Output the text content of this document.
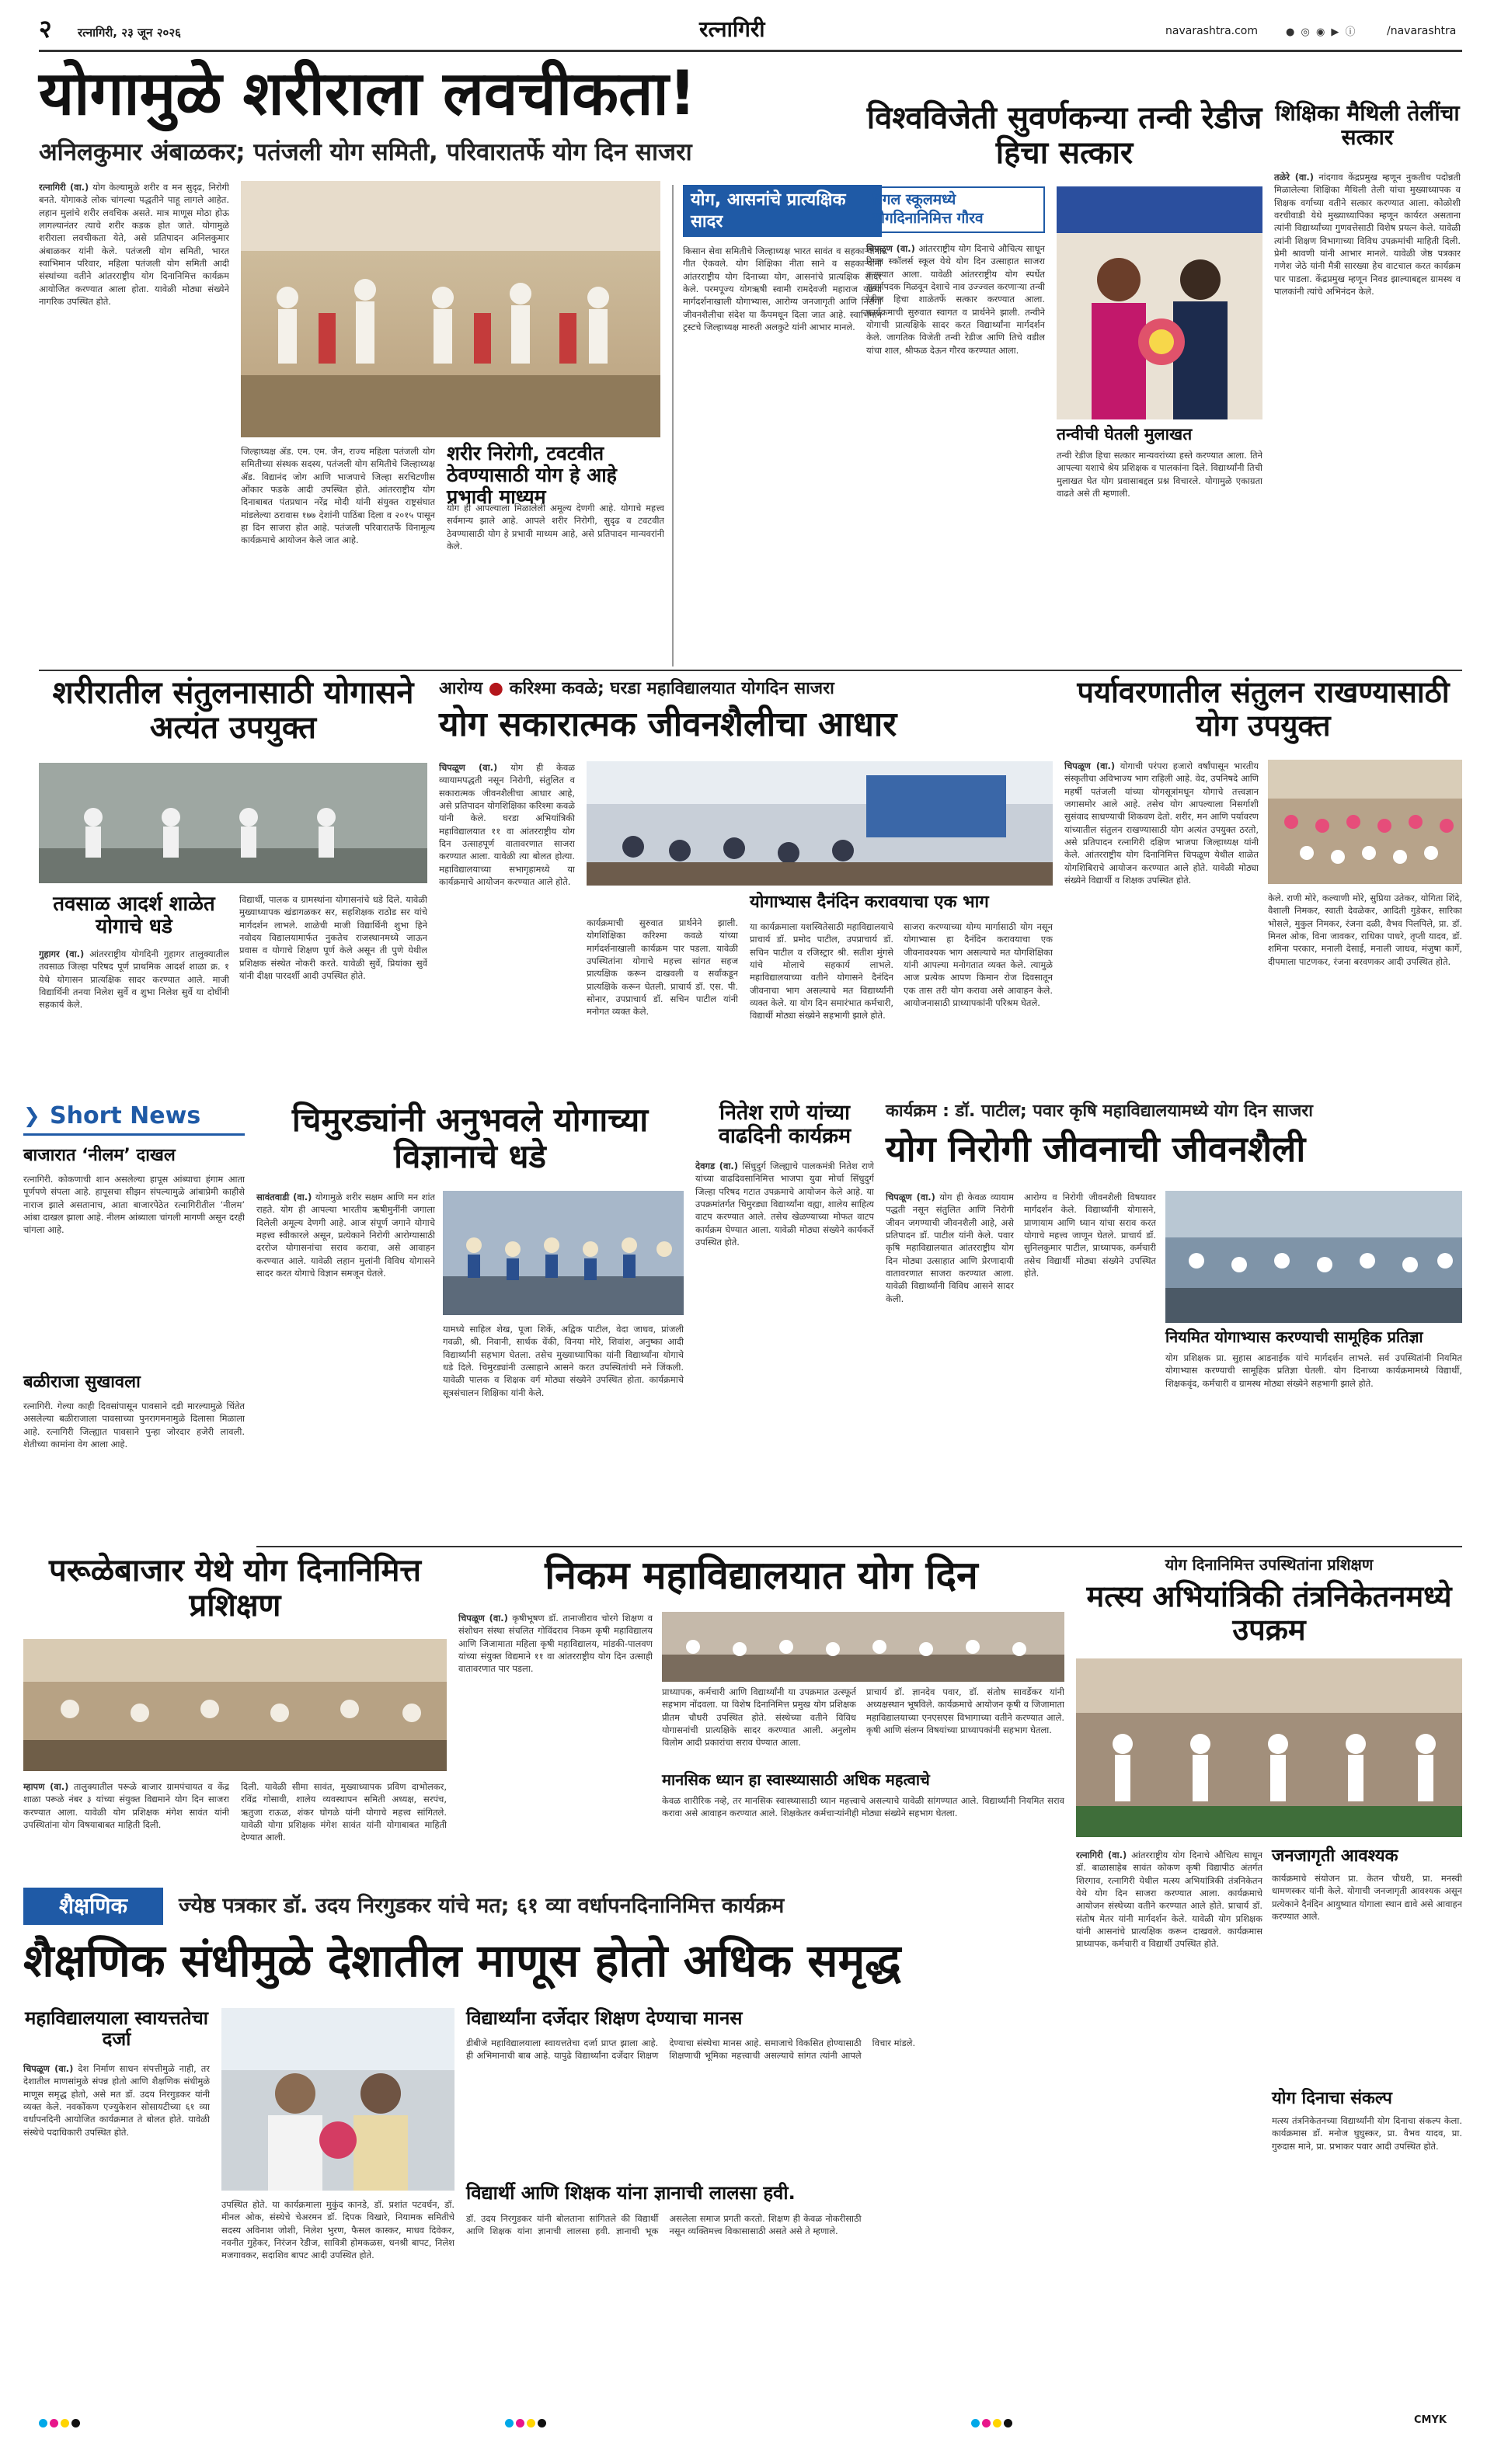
२ रत्नागिरी, २३ जून २०२६	रत्नागिरी	navarashtra.com	● ◎ ◉ ▶ ⓘ	/navarashtra
योगामुळे शरीराला लवचीकता!
अनिलकुमार अंबाळकर; पतंजली योग समिती, परिवारातर्फे योग दिन साजरा
रत्नागिरी (वा.) योग केल्यामुळे शरीर व मन सुदृढ, निरोगी बनते. योगाकडे लोक चांगल्या पद्धतीने पाहू लागले आहेत. लहान मुलांचे शरीर लवचिक असते. मात्र माणूस मोठा होऊ लागल्यानंतर त्याचे शरीर कडक होत जाते. योगामुळे शरीराला लवचीकता येते, असे प्रतिपादन अनिलकुमार अंबाळकर यांनी केले. पतंजली योग समिती, भारत स्वाभिमान परिवार, महिला पतंजली योग समिती आदी संस्थांच्या वतीने आंतरराष्ट्रीय योग दिनानिमित्त कार्यक्रम आयोजित करण्यात आला होता. यावेळी मोठ्या संख्येने नागरिक उपस्थित होते.
जिल्हाध्यक्ष ॲड. एम. एम. जैन, राज्य महिला पतंजली योग समितीच्या संस्थक सदस्य, पतंजली योग समितीचे जिल्हाध्यक्ष ॲड. विद्यानंद जोग आणि भाजपाचे जिल्हा सरचिटणीस ओंकार फडके आदी उपस्थित होते. आंतरराष्ट्रीय योग दिनाबाबत पंतप्रधान नरेंद्र मोदी यांनी संयुक्त राष्ट्रसंघात मांडलेल्या ठरावास १७७ देशांनी पाठिंबा दिला व २०१५ पासून हा दिन साजरा होत आहे. पतंजली परिवारातर्फे विनामूल्य कार्यक्रमाचे आयोजन केले जात आहे.
शरीर निरोगी, टवटवीत ठेवण्यासाठी योग हे आहे प्रभावी माध्यम
योग ही आपल्याला मिळालेली अमूल्य देणगी आहे. योगाचे महत्त्व सर्वमान्य झाले आहे. आपले शरीर निरोगी, सुदृढ व टवटवीत ठेवण्यासाठी योग हे प्रभावी माध्यम आहे, असे प्रतिपादन मान्यवरांनी केले.
योग, आसनांचे प्रात्यक्षिक सादर
किसान सेवा समितीचे जिल्हाध्यक्ष भारत सावंत व सहकाऱ्यांनी गीत ऐकवले. योग शिक्षिका नीता साने व सहकाऱ्यांनी आंतरराष्ट्रीय योग दिनाच्या योग, आसनांचे प्रात्यक्षिक सादर केले. परमपूज्य योगऋषी स्वामी रामदेवजी महाराज यांच्या मार्गदर्शनाखाली योगाभ्यास, आरोग्य जनजागृती आणि निरोगी जीवनशैलीचा संदेश या कैंपमधून दिला जात आहे. स्वाभिमान ट्रस्टचे जिल्हाध्यक्ष मारुती अलकुटे यांनी आभार मानले.
विश्वविजेती सुवर्णकन्या तन्वी रेडीज हिचा सत्कार
रिगल स्कूलमध्ये योगदिनानिमित्त गौरव
चिपळूण (वा.) आंतरराष्ट्रीय योग दिनाचे औचित्य साधून रिगल स्कॉलर्स स्कूल येथे योग दिन उत्साहात साजरा करण्यात आला. यावेळी आंतरराष्ट्रीय योग स्पर्धेत सुवर्णपदक मिळवून देशाचे नाव उज्ज्वल करणाऱ्या तन्वी रेडीज हिचा शाळेतर्फे सत्कार करण्यात आला. कार्यक्रमाची सुरुवात स्वागत व प्रार्थनेने झाली. तन्वीने योगाची प्रात्यक्षिके सादर करत विद्यार्थ्यांना मार्गदर्शन केले. जागतिक विजेती तन्वी रेडीज आणि तिचे वडील यांचा शाल, श्रीफळ देऊन गौरव करण्यात आला.
तन्वीची घेतली मुलाखत
तन्वी रेडीज हिचा सत्कार मान्यवरांच्या हस्ते करण्यात आला. तिने आपल्या यशाचे श्रेय प्रशिक्षक व पालकांना दिले. विद्यार्थ्यांनी तिची मुलाखत घेत योग प्रवासाबद्दल प्रश्न विचारले. योगामुळे एकाग्रता वाढते असे ती म्हणाली.
शिक्षिका मैथिली तेलींचा सत्कार
तळेरे (वा.) नांदगाव केंद्रप्रमुख म्हणून नुकतीच पदोन्नती मिळालेल्या शिक्षिका मैथिली तेली यांचा मुख्याध्यापक व शिक्षक वर्गाच्या वतीने सत्कार करण्यात आला. कोळोशी वरचीवाडी येथे मुख्याध्यापिका म्हणून कार्यरत असताना त्यांनी विद्यार्थ्यांच्या गुणवत्तेसाठी विशेष प्रयत्न केले. यावेळी त्यांनी शिक्षण विभागाच्या विविध उपक्रमांची माहिती दिली. प्रेमी श्रावणी यांनी आभार मानले. यावेळी जेष्ठ पत्रकार गणेश जेठे यांनी मैत्री सारख्या हेच वाटचाल करत कार्यक्रम पार पाडला. केंद्रप्रमुख म्हणून निवड झाल्याबद्दल ग्रामस्थ व पालकांनी त्यांचे अभिनंदन केले.
शरीरातील संतुलनासाठी योगासने अत्यंत उपयुक्त
तवसाळ आदर्श शाळेत योगाचे धडे
गुहागर (वा.) आंतरराष्ट्रीय योगदिनी गुहागर तालुक्यातील तवसाळ जिल्हा परिषद पूर्ण प्राथमिक आदर्श शाळा क्र. १ येथे योगासन प्रात्यक्षिक सादर करण्यात आले. माजी विद्यार्थिनी तनया निलेश सुर्वे व शुभा निलेश सुर्वे या दोघींनी सहकार्य केले.
विद्यार्थी, पालक व ग्रामस्थांना योगासनांचे धडे दिले. यावेळी मुख्याध्यापक खंडागळकर सर, सहशिक्षक राठोड सर यांचे मार्गदर्शन लाभले. शाळेची माजी विद्यार्थिनी शुभा हिने नवोदय विद्यालयामार्फत नुकतेच राजस्थानमध्ये जाऊन प्रवास व योगाचे शिक्षण पूर्ण केले असून ती पुणे येथील प्रशिक्षक संस्थेत नोकरी करते. यावेळी सुर्वे, प्रियांका सुर्वे यांनी दीक्षा पारदर्शी आदी उपस्थित होते.
आरोग्य ● करिश्मा कवळे; घरडा महाविद्यालयात योगदिन साजरा
योग सकारात्मक जीवनशैलीचा आधार
चिपळूण (वा.) योग ही केवळ व्यायामपद्धती नसून निरोगी, संतुलित व सकारात्मक जीवनशैलीचा आधार आहे, असे प्रतिपादन योगशिक्षिका करिश्मा कवळे यांनी केले. घरडा अभियांत्रिकी महाविद्यालयात ११ वा आंतरराष्ट्रीय योग दिन उत्साहपूर्ण वातावरणात साजरा करण्यात आला. यावेळी त्या बोलत होत्या. महाविद्यालयाच्या सभागृहामध्ये या कार्यक्रमाचे आयोजन करण्यात आले होते.
कार्यक्रमाची सुरुवात प्रार्थनेने झाली. योगशिक्षिका करिश्मा कवळे यांच्या मार्गदर्शनाखाली कार्यक्रम पार पडला. यावेळी उपस्थितांना योगाचे महत्त्व सांगत सहज प्रात्यक्षिक करून दाखवली व सर्वांकडून प्रात्यक्षिके करून घेतली. प्राचार्य डॉ. एस. पी. सोनार, उपप्राचार्य डॉ. सचिन पाटील यांनी मनोगत व्यक्त केले.
योगाभ्यास दैनंदिन करावयाचा एक भाग
या कार्यक्रमाला यशस्वितेसाठी महाविद्यालयाचे प्राचार्य डॉ. प्रमोद पाटील, उपप्राचार्य डॉ. सचिन पाटील व रजिस्ट्रार श्री. सतीश मुंगसे यांचे मोलाचे सहकार्य लाभले. महाविद्यालयाच्या वतीने योगासने दैनंदिन जीवनाचा भाग असल्याचे मत विद्यार्थ्यांनी व्यक्त केले. या योग दिन समारंभात कर्मचारी, विद्यार्थी मोठ्या संख्येने सहभागी झाले होते.
साजरा करण्याच्या योग्य मार्गासाठी योग नसून योगाभ्यास हा दैनंदिन करावयाचा एक जीवनावश्यक भाग असल्याचे मत योगशिक्षिका यांनी आपल्या मनोगतात व्यक्त केले. त्यामुळे आज प्रत्येक आपण किमान रोज दिवसातून एक तास तरी योग करावा असे आवाहन केले. आयोजनासाठी प्राध्यापकांनी परिश्रम घेतले.
पर्यावरणातील संतुलन राखण्यासाठी योग उपयुक्त
चिपळूण (वा.) योगाची परंपरा हजारो वर्षांपासून भारतीय संस्कृतीचा अविभाज्य भाग राहिली आहे. वेद, उपनिषदे आणि महर्षी पतंजली यांच्या योगसूत्रांमधून योगाचे तत्त्वज्ञान जगासमोर आले आहे. तसेच योग आपल्याला निसर्गाशी सुसंवाद साधण्याची शिकवण देतो. शरीर, मन आणि पर्यावरण यांच्यातील संतुलन राखण्यासाठी योग अत्यंत उपयुक्त ठरतो, असे प्रतिपादन रत्नागिरी दक्षिण भाजपा जिल्हाध्यक्ष यांनी केले. आंतरराष्ट्रीय योग दिनानिमित्त चिपळूण येथील शाळेत योगशिबिराचे आयोजन करण्यात आले होते. यावेळी मोठ्या संख्येने विद्यार्थी व शिक्षक उपस्थित होते.
केले. राणी मोरे, कल्याणी मोरे, सुप्रिया उतेकर, योगिता शिंदे, वैशाली निमकर, स्वाती देवळेकर, आदिती गुडेकर, सारिका भोसले, मुकुल निमकर, रंजना दळी, वैभव पिलपिले, प्रा. डॉ. मिनल ओक, विना जावकर, राधिका पाधरे, तृप्ती यादव, डॉ. शमिना परकार, मनाली देसाई, मनाली जाधव, मंजुषा कार्गे, दीपमाला पाटणकर, रंजना बरवणकर आदी उपस्थित होते.
❯ Short News
बाजारात ‘नीलम’ दाखल
रत्नागिरी. कोकणाची शान असलेल्या हापूस आंब्याचा हंगाम आता पूर्णपणे संपला आहे. हापूसचा सीझन संपल्यामुळे आंबाप्रेमी काहीसे नाराज झाले असतानाच, आता बाजारपेठेत रत्नागिरीतील ‘नीलम’ आंबा दाखल झाला आहे. नीलम आंब्याला चांगली मागणी असून दरही चांगला आहे.
बळीराजा सुखावला
रत्नागिरी. गेल्या काही दिवसांपासून पावसाने दडी मारल्यामुळे चिंतेत असलेल्या बळीराजाला पावसाच्या पुनरागमनामुळे दिलासा मिळाला आहे. रत्नागिरी जिल्ह्यात पावसाने पुन्हा जोरदार हजेरी लावली. शेतीच्या कामांना वेग आला आहे.
चिमुरड्यांनी अनुभवले योगाच्या विज्ञानाचे धडे
सावंतवाडी (वा.) योगामुळे शरीर सक्षम आणि मन शांत राहते. योग ही आपल्या भारतीय ऋषीमुनींनी जगाला दिलेली अमूल्य देणगी आहे. आज संपूर्ण जगाने योगाचे महत्त्व स्वीकारले असून, प्रत्येकाने निरोगी आरोग्यासाठी दररोज योगासनांचा सराव करावा, असे आवाहन करण्यात आले. यावेळी लहान मुलांनी विविध योगासने सादर करत योगाचे विज्ञान समजून घेतले.
यामध्ये साहिल शेख, पूजा शिर्के, अद्विक पाटील, वेदा जाधव, प्रांजली गवळी, श्री. निवानी, सार्थक वेंकी, विनया मोरे, शिवांश, अनुष्का आदी विद्यार्थ्यांनी सहभाग घेतला. तसेच मुख्याध्यापिका यांनी विद्यार्थ्यांना योगाचे धडे दिले. चिमुरड्यांनी उत्साहाने आसने करत उपस्थितांची मने जिंकली. यावेळी पालक व शिक्षक वर्ग मोठ्या संख्येने उपस्थित होता. कार्यक्रमाचे सूत्रसंचालन शिक्षिका यांनी केले.
नितेश राणे यांच्या वाढदिनी कार्यक्रम
देवगड (वा.) सिंधुदुर्ग जिल्ह्याचे पालकमंत्री नितेश राणे यांच्या वाढदिवसानिमित्त भाजपा युवा मोर्चा सिंधुदुर्ग जिल्हा परिषद गटात उपक्रमाचे आयोजन केले आहे. या उपक्रमांतर्गत चिमुरड्या विद्यार्थ्यांना वह्या, शालेय साहित्य वाटप करण्यात आले. तसेच खेळण्याच्या मोफत वाटप कार्यक्रम घेण्यात आला. यावेळी मोठ्या संख्येने कार्यकर्ते उपस्थित होते.
कार्यक्रम : डॉ. पाटील; पवार कृषि महाविद्यालयामध्ये योग दिन साजरा
योग निरोगी जीवनाची जीवनशैली
चिपळूण (वा.) योग ही केवळ व्यायाम पद्धती नसून संतुलित आणि निरोगी जीवन जगण्याची जीवनशैली आहे, असे प्रतिपादन डॉ. पाटील यांनी केले. पवार कृषि महाविद्यालयात आंतरराष्ट्रीय योग दिन मोठ्या उत्साहात आणि प्रेरणादायी वातावरणात साजरा करण्यात आला. यावेळी विद्यार्थ्यांनी विविध आसने सादर केली.
आरोग्य व निरोगी जीवनशैली विषयावर मार्गदर्शन केले. विद्यार्थ्यांनी योगासने, प्राणायाम आणि ध्यान यांचा सराव करत योगाचे महत्त्व जाणून घेतले. प्राचार्य डॉ. सुनिलकुमार पाटील, प्राध्यापक, कर्मचारी तसेच विद्यार्थी मोठ्या संख्येने उपस्थित होते.
नियमित योगाभ्यास करण्याची सामूहिक प्रतिज्ञा
योग प्रशिक्षक प्रा. सुहास आडनाईक यांचे मार्गदर्शन लाभले. सर्व उपस्थितांनी नियमित योगाभ्यास करण्याची सामूहिक प्रतिज्ञा घेतली. योग दिनाच्या कार्यक्रमामध्ये विद्यार्थी, शिक्षकवृंद, कर्मचारी व ग्रामस्थ मोठ्या संख्येने सहभागी झाले होते.
परूळेबाजार येथे योग दिनानिमित्त प्रशिक्षण
म्हापण (वा.) तालुक्यातील परूळे बाजार ग्रामपंचायत व केंद्र शाळा परूळे नंबर ३ यांच्या संयुक्त विद्यमाने योग दिन साजरा करण्यात आला. यावेळी योग प्रशिक्षक मंगेश सावंत यांनी उपस्थितांना योग विषयाबाबत माहिती दिली.
दिली. यावेळी सीमा सावंत, मुख्याध्यापक प्रविण दाभोलकर, रविंद्र गोसावी, शालेय व्यवस्थापन समिती अध्यक्ष, सरपंच, ऋतुजा राऊळ, शंकर घोगळे यांनी योगाचे महत्त्व सांगितले. यावेळी योगा प्रशिक्षक मंगेश सावंत यांनी योगाबाबत माहिती देण्यात आली.
निकम महाविद्यालयात योग दिन
चिपळूण (वा.) कृषीभूषण डॉ. तानाजीराव चोरगे शिक्षण व संशोधन संस्था संचलित गोविंदराव निकम कृषी महाविद्यालय आणि जिजामाता महिला कृषी महाविद्यालय, मांडकी-पालवण यांच्या संयुक्त विद्यमाने ११ वा आंतरराष्ट्रीय योग दिन उत्साही वातावरणात पार पडला.
प्राध्यापक, कर्मचारी आणि विद्यार्थ्यांनी या उपक्रमात उत्स्फूर्त सहभाग नोंदवला. या विशेष दिनानिमित्त प्रमुख योग प्रशिक्षक प्रीतम चौधरी उपस्थित होते. संस्थेच्या वतीने विविध योगासनांची प्रात्यक्षिके सादर करण्यात आली. अनुलोम विलोम आदी प्रकारांचा सराव घेण्यात आला.
प्राचार्य डॉ. ज्ञानदेव पवार, डॉ. संतोष सावर्डेकर यांनी अध्यक्षस्थान भूषविले. कार्यक्रमाचे आयोजन कृषी व जिजामाता महाविद्यालयाच्या एनएसएस विभागाच्या वतीने करण्यात आले. कृषी आणि संलग्न विषयांच्या प्राध्यापकांनी सहभाग घेतला.
मानसिक ध्यान हा स्वास्थ्यासाठी अधिक महत्वाचे
केवळ शारीरिक नव्हे, तर मानसिक स्वास्थ्यासाठी ध्यान महत्त्वाचे असल्याचे यावेळी सांगण्यात आले. विद्यार्थ्यांनी नियमित सराव करावा असे आवाहन करण्यात आले. शिक्षकेतर कर्मचाऱ्यांनीही मोठ्या संख्येने सहभाग घेतला.
योग दिनानिमित्त उपस्थितांना प्रशिक्षण
मत्स्य अभियांत्रिकी तंत्रनिकेतनमध्ये उपक्रम
रत्नागिरी (वा.) आंतरराष्ट्रीय योग दिनाचे औचित्य साधून डॉ. बाळासाहेब सावंत कोकण कृषी विद्यापीठ अंतर्गत शिरगाव, रत्नागिरी येथील मत्स्य अभियांत्रिकी तंत्रनिकेतन येथे योग दिन साजरा करण्यात आला. कार्यक्रमाचे आयोजन संस्थेच्या वतीने करण्यात आले होते. प्राचार्य डॉ. संतोष मेतर यांनी मार्गदर्शन केले. यावेळी योग प्रशिक्षक यांनी आसनांचे प्रात्यक्षिक करून दाखवले. कार्यक्रमास प्राध्यापक, कर्मचारी व विद्यार्थी उपस्थित होते.
जनजागृती आवश्यक
कार्यक्रमाचे संयोजन प्रा. केतन चौधरी, प्रा. मनस्वी धामणस्कर यांनी केले. योगाची जनजागृती आवश्यक असून प्रत्येकाने दैनंदिन आयुष्यात योगाला स्थान द्यावे असे आवाहन करण्यात आले.
योग दिनाचा संकल्प
मत्स्य तंत्रनिकेतनच्या विद्यार्थ्यांनी योग दिनाचा संकल्प केला. कार्यक्रमास डॉ. मनोज घुघुस्कर, प्रा. वैभव यादव, प्रा. गुरुदास माने, प्रा. प्रभाकर पवार आदी उपस्थित होते.
शैक्षणिक	ज्येष्ठ पत्रकार डॉ. उदय निरगुडकर यांचे मत; ६१ व्या वर्धापनदिनानिमित्त कार्यक्रम
शैक्षणिक संधीमुळे देशातील माणूस होतो अधिक समृद्ध
महाविद्यालयाला स्वायत्ततेचा दर्जा
चिपळूण (वा.) देश निर्माण साधन संपत्तीमुळे नाही, तर देशातील माणसांमुळे संपन्न होतो आणि शैक्षणिक संधीमुळे माणूस समृद्ध होतो, असे मत डॉ. उदय निरगुडकर यांनी व्यक्त केले. नवकोंकण एज्युकेशन सोसायटीच्या ६१ व्या वर्धापनदिनी आयोजित कार्यक्रमात ते बोलत होते. यावेळी संस्थेचे पदाधिकारी उपस्थित होते.
उपस्थित होते. या कार्यक्रमाला मुकुंद कानडे, डॉ. प्रशांत पटवर्धन, डॉ. मीनल ओक, संस्थेचे चेअरमन डॉ. दिपक विखारे, नियामक समितीचे सदस्य अविनाश जोशी, निलेश भुरण, फैसल कास्कर, माधव दिवेकर, नवनीत गुहेकर, निरंजन रेडीज, सावित्री होमकळस, धनश्री बापट, निलेश मजगावकर, सदाशिव बापट आदी उपस्थित होते.
विद्यार्थ्यांना दर्जेदार शिक्षण देण्याचा मानस
डीबीजे महाविद्यालयाला स्वायत्ततेचा दर्जा प्राप्त झाला आहे. ही अभिमानाची बाब आहे. यापुढे विद्यार्थ्यांना दर्जेदार शिक्षण देण्याचा संस्थेचा मानस आहे. समाजाचे विकसित होण्यासाठी शिक्षणाची भूमिका महत्त्वाची असल्याचे सांगत त्यांनी आपले विचार मांडले.
विद्यार्थी आणि शिक्षक यांना ज्ञानाची लालसा हवी.
डॉ. उदय निरगुडकर यांनी बोलताना सांगितले की विद्यार्थी आणि शिक्षक यांना ज्ञानाची लालसा हवी. ज्ञानाची भूक असलेला समाज प्रगती करतो. शिक्षण ही केवळ नोकरीसाठी नसून व्यक्तिमत्त्व विकासासाठी असते असे ते म्हणाले.
CMYK
